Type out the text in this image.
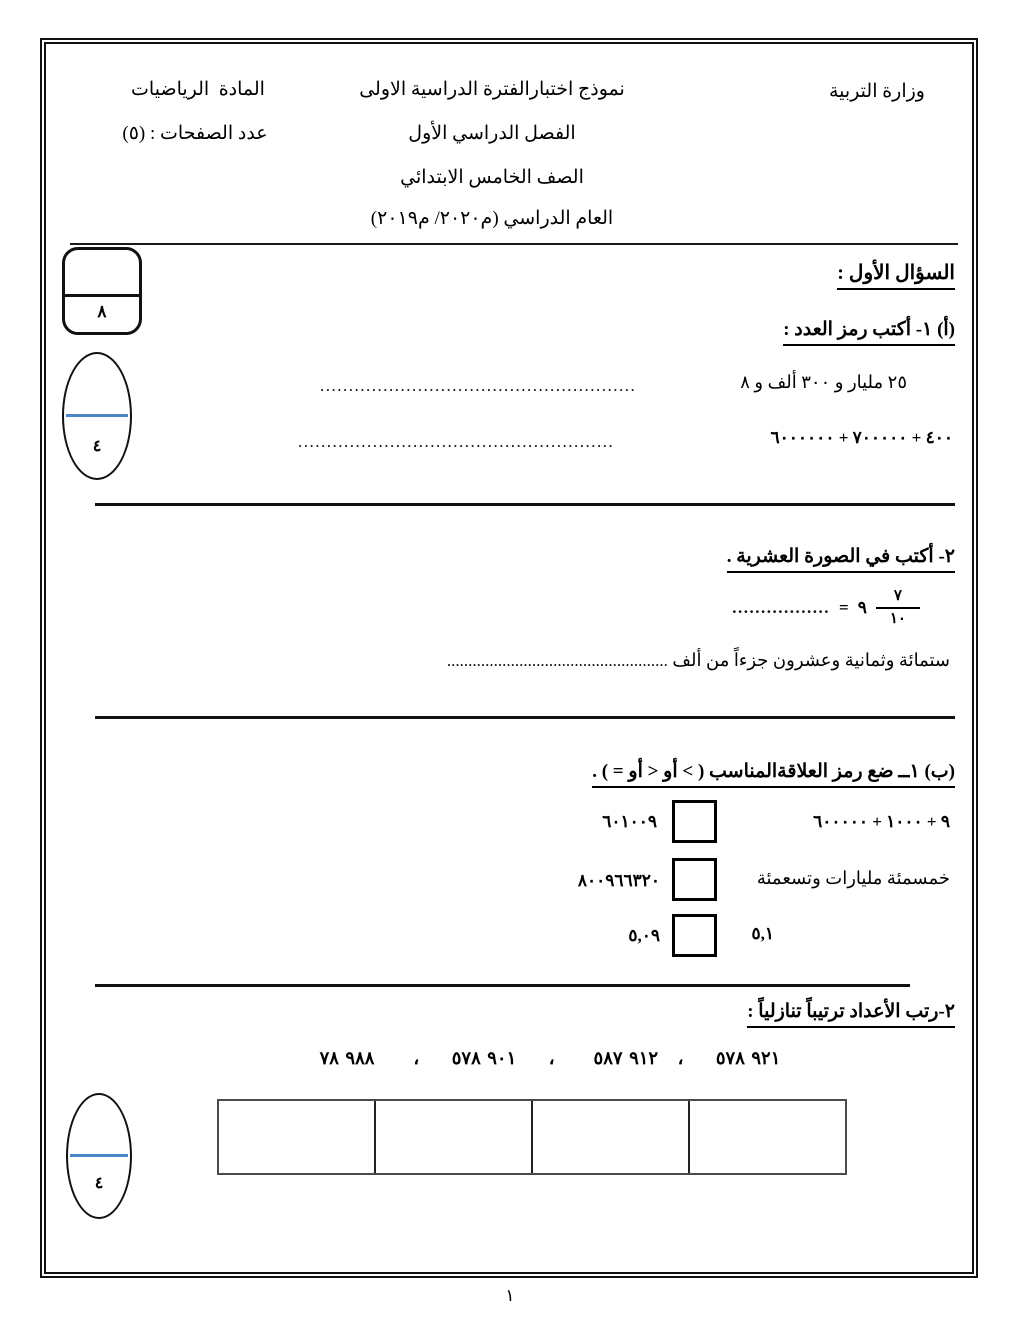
وزارة التربية
نموذج اختبارالفترة الدراسية الاولى
الفصل الدراسي الأول
الصف الخامس الابتدائي
العام الدراسي (٢٠١٩م /٢٠٢٠م)
المادة  الرياضيات
عدد الصفحات : (٥)
٨
السؤال الأول :
(أ) ١- أكتب رمز العدد :
٢٥ مليار و ٣٠٠ ألف و ٨
.......................................................
٦٠٠٠٠٠٠ + ٧٠٠٠٠٠ + ٤٠٠
.......................................................
٤
٢- أكتب في الصورة العشرية .
................. = ٩ $\frac{٧}{١٠}$
ستمائة وثمانية وعشرون جزءاً من ألف ....................................................
(ب) ١ــ ضع رمز العلاقةالمناسب ( > أو < أو = ) .
٦٠٠٠٠٠ + ١٠٠٠ + ٩
٦٠١٠٠٩
خمسمئة مليارات وتسعمئة
٨٠٠٩٦٦٣٢٠
٥,١
٥,٠٩
٢-رتب الأعداد ترتيباً تنازلياً :
٧٨ ٩٨٨      ،     ٥٧٨ ٩٠١     ،      ٥٨٧ ٩١٢   ،     ٥٧٨ ٩٢١
٤
١
